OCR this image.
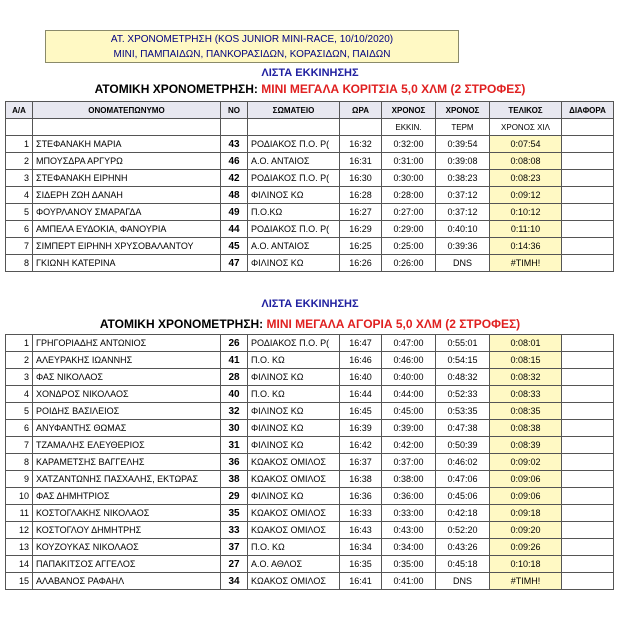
ΑΤ. ΧΡΟΝΟΜΕΤΡΗΣΗ (KOS JUNIOR MINI-RACE, 10/10/2020)
ΜΙΝΙ, ΠΑΜΠΑΙΔΩΝ, ΠΑΝΚΟΡΑΣΙΔΩΝ, ΚΟΡΑΣΙΔΩΝ, ΠΑΙΔΩΝ
ΛΙΣΤΑ ΕΚΚΙΝΗΣΗΣ
ΑΤΟΜΙΚΗ ΧΡΟΝΟΜΕΤΡΗΣΗ: ΜΙΝΙ ΜΕΓΑΛΑ ΚΟΡΙΤΣΙΑ 5,0 ΧΛΜ (2 ΣΤΡΟΦΕΣ)
Α/Α	ΟΝΟΜΑΤΕΠΩΝΥΜΟ	ΝΟ	ΣΩΜΑΤΕΙΟ	ΩΡΑ	ΧΡΟΝΟΣ	ΧΡΟΝΟΣ	ΤΕΛΙΚΟΣ	ΔΙΑΦΟΡΑ
					ΕΚΚΙΝ.	ΤΕΡΜ	ΧΡΟΝΟΣ ΧΙΛ	
1	ΣΤΕΦΑΝΑΚΗ ΜΑΡΙΑ	43	ΡΟΔΙΑΚΟΣ Π.Ο. Ρ(	16:32	0:32:00	0:39:54	0:07:54	
2	ΜΠΟΥΣΔΡΑ ΑΡΓΥΡΩ	46	Α.Ο. ΑΝΤΑΙΟΣ	16:31	0:31:00	0:39:08	0:08:08	
3	ΣΤΕΦΑΝΑΚΗ ΕΙΡΗΝΗ	42	ΡΟΔΙΑΚΟΣ Π.Ο. Ρ(	16:30	0:30:00	0:38:23	0:08:23	
4	ΣΙΔΕΡΗ ΖΩΗ ΔΑΝΑΗ	48	ΦΙΛΙΝΟΣ ΚΩ	16:28	0:28:00	0:37:12	0:09:12	
5	ΦΟΥΡΛΑΝΟΥ ΣΜΑΡΑΓΔΑ	49	Π.Ο.ΚΩ	16:27	0:27:00	0:37:12	0:10:12	
6	ΑΜΠΕΛΑ ΕΥΔΟΚΙΑ, ΦΑΝΟΥΡΙΑ	44	ΡΟΔΙΑΚΟΣ Π.Ο. Ρ(	16:29	0:29:00	0:40:10	0:11:10	
7	ΣΙΜΠΕΡΤ ΕΙΡΗΝΗ ΧΡΥΣΟΒΑΛΑΝΤΟΥ	45	Α.Ο. ΑΝΤΑΙΟΣ	16:25	0:25:00	0:39:36	0:14:36	
8	ΓΚΙΩΝΗ ΚΑΤΕΡΙΝΑ	47	ΦΙΛΙΝΟΣ ΚΩ	16:26	0:26:00	DNS	#ΤΙΜΗ!	
ΛΙΣΤΑ ΕΚΚΙΝΗΣΗΣ
ΑΤΟΜΙΚΗ ΧΡΟΝΟΜΕΤΡΗΣΗ: ΜΙΝΙ ΜΕΓΑΛΑ ΑΓΟΡΙΑ 5,0 ΧΛΜ (2 ΣΤΡΟΦΕΣ)
1	ΓΡΗΓΟΡΙΑΔΗΣ ΑΝΤΩΝΙΟΣ	26	ΡΟΔΙΑΚΟΣ Π.Ο. Ρ(	16:47	0:47:00	0:55:01	0:08:01	
2	ΑΛΕΥΡΑΚΗΣ ΙΩΑΝΝΗΣ	41	Π.Ο. ΚΩ	16:46	0:46:00	0:54:15	0:08:15	
3	ΦΑΣ ΝΙΚΟΛΑΟΣ	28	ΦΙΛΙΝΟΣ ΚΩ	16:40	0:40:00	0:48:32	0:08:32	
4	ΧΟΝΔΡΟΣ ΝΙΚΟΛΑΟΣ	40	Π.Ο. ΚΩ	16:44	0:44:00	0:52:33	0:08:33	
5	ΡΟΙΔΗΣ ΒΑΣΙΛΕΙΟΣ	32	ΦΙΛΙΝΟΣ ΚΩ	16:45	0:45:00	0:53:35	0:08:35	
6	ΑΝΥΦΑΝΤΗΣ ΘΩΜΑΣ	30	ΦΙΛΙΝΟΣ ΚΩ	16:39	0:39:00	0:47:38	0:08:38	
7	ΤΖΑΜΑΛΗΣ ΕΛΕΥΘΕΡΙΟΣ	31	ΦΙΛΙΝΟΣ ΚΩ	16:42	0:42:00	0:50:39	0:08:39	
8	ΚΑΡΑΜΕΤΣΗΣ ΒΑΓΓΕΛΗΣ	36	ΚΩΑΚΟΣ ΟΜΙΛΟΣ	16:37	0:37:00	0:46:02	0:09:02	
9	ΧΑΤΖΑΝΤΩΝΗΣ ΠΑΣΧΑΛΗΣ, ΕΚΤΩΡΑΣ	38	ΚΩΑΚΟΣ ΟΜΙΛΟΣ	16:38	0:38:00	0:47:06	0:09:06	
10	ΦΑΣ ΔΗΜΗΤΡΙΟΣ	29	ΦΙΛΙΝΟΣ ΚΩ	16:36	0:36:00	0:45:06	0:09:06	
11	ΚΟΣΤΟΓΛΑΚΗΣ ΝΙΚΟΛΑΟΣ	35	ΚΩΑΚΟΣ ΟΜΙΛΟΣ	16:33	0:33:00	0:42:18	0:09:18	
12	ΚΟΣΤΟΓΛΟΥ ΔΗΜΗΤΡΗΣ	33	ΚΩΑΚΟΣ ΟΜΙΛΟΣ	16:43	0:43:00	0:52:20	0:09:20	
13	ΚΟΥΖΟΥΚΑΣ ΝΙΚΟΛΑΟΣ	37	Π.Ο. ΚΩ	16:34	0:34:00	0:43:26	0:09:26	
14	ΠΑΠΑΚΙΤΣΟΣ ΑΓΓΕΛΟΣ	27	Α.Ο. ΑΘΛΟΣ	16:35	0:35:00	0:45:18	0:10:18	
15	ΑΛΑΒΑΝΟΣ ΡΑΦΑΗΛ	34	ΚΩΑΚΟΣ ΟΜΙΛΟΣ	16:41	0:41:00	DNS	#ΤΙΜΗ!	
